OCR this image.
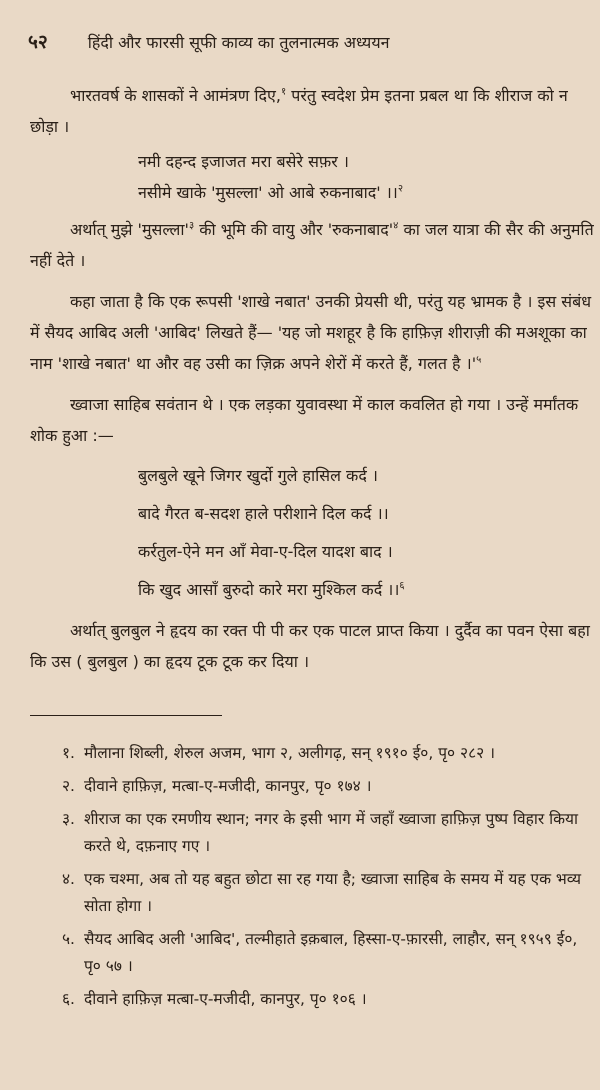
५२	हिंदी और फारसी सूफी काव्य का तुलनात्मक अध्ययन

भारतवर्ष के शासकों ने आमंत्रण दिए,$^१$ परंतु स्वदेश प्रेम इतना प्रबल था कि शीराज को न छोड़ा ।

नमी दहन्द इजाजत मरा बसेरे सफ़र ।
नसीमे खाके 'मुसल्ला' ओ आबे रुकनाबाद' ।।$^२$

अर्थात् मुझे '$मुसल्ला'^३$ की भूमि की वायु और '$रुकनाबाद'^४$ का जल यात्रा की सैर की अनुमति नहीं देते ।

कहा जाता है कि एक रूपसी 'शाखे नबात' उनकी प्रेयसी थी, परंतु यह भ्रामक है । इस संबंध में सैयद आबिद अली 'आबिद' लिखते हैं— 'यह जो मशहूर है कि हाफ़िज़ शीराज़ी की मअशूका का नाम 'शाखे नबात' था और वह उसी का ज़िक्र अपने शेरों में करते हैं, गलत है $।'^५$

ख्वाजा साहिब सवंतान थे । एक लड़का युवावस्था में काल कवलित हो गया । उन्हें मर्मांतक शोक हुआ :—

बुलबुले खूने जिगर खुर्दो गुले हासिल कर्द ।
बादे गैरत ब-सदश हाले परीशाने दिल कर्द ।।
कर्रतुल-ऐने मन आँ मेवा-ए-दिल यादश बाद ।
कि खुद आसाँ बुरुदो कारे मरा मुश्किल कर्द ।।$^६$

अर्थात् बुलबुल ने हृदय का रक्त पी पी कर एक पाटल प्राप्त किया । दुर्दैव का पवन ऐसा बहा कि उस ( बुलबुल ) का हृदय टूक टूक कर दिया ।

१. मौलाना शिब्ली, शेरुल अजम, भाग २, अलीगढ़, सन् १९१० ई०, पृ० २८२ ।
२. दीवाने हाफ़िज़, मत्बा-ए-मजीदी, कानपुर, पृ० १७४ ।
३. शीराज का एक रमणीय स्थान; नगर के इसी भाग में जहाँ ख्वाजा हाफ़िज़ पुष्प विहार किया करते थे, दफ़नाए गए ।
४. एक चश्मा, अब तो यह बहुत छोटा सा रह गया है; ख्वाजा साहिब के समय में यह एक भव्य सोता होगा ।
५. सैयद आबिद अली 'आबिद', तल्मीहाते इक़बाल, हिस्सा-ए-फ़ारसी, लाहौर, सन् १९५९ ई०, पृ० ५७ ।
६. दीवाने हाफ़िज़ मत्बा-ए-मजीदी, कानपुर, पृ० १०६ ।
